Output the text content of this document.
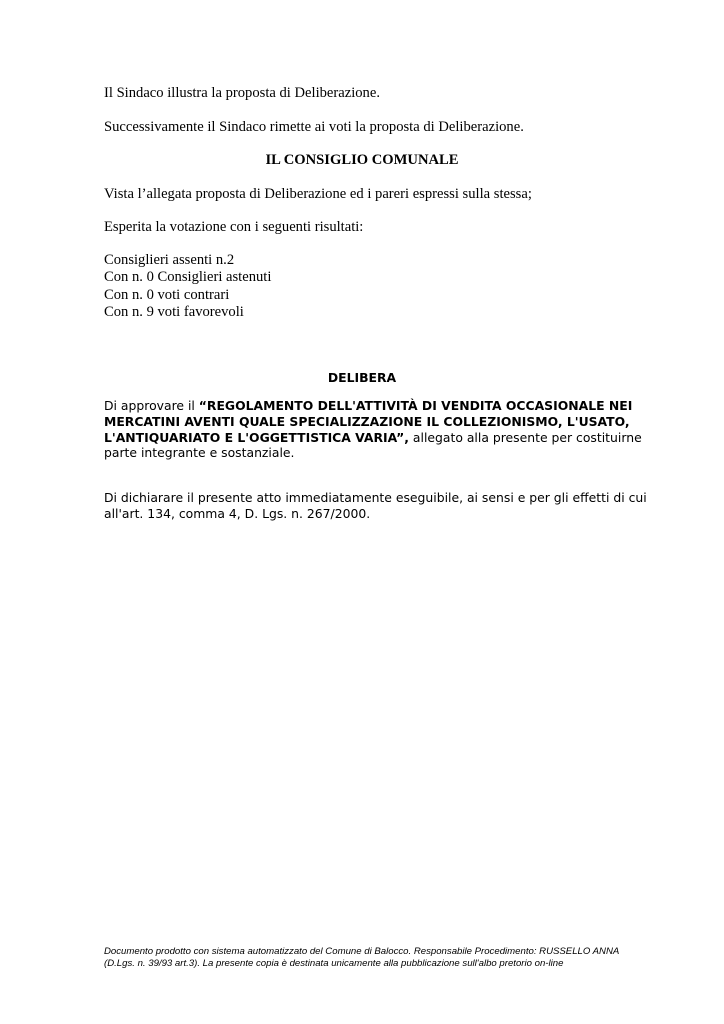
Il Sindaco illustra la proposta di Deliberazione.

Successivamente il Sindaco rimette ai voti la proposta di Deliberazione.

IL CONSIGLIO COMUNALE

Vista l’allegata proposta di Deliberazione ed i pareri espressi sulla stessa;

Esperita la votazione con i seguenti risultati:

Consiglieri assenti n.2
Con n. 0 Consiglieri astenuti
Con n. 0 voti contrari
Con n. 9 voti favorevoli

DELIBERA

Di approvare il “REGOLAMENTO DELL'ATTIVITÀ DI VENDITA OCCASIONALE NEI

MERCATINI AVENTI QUALE SPECIALIZZAZIONE IL COLLEZIONISMO, L'USATO,

L'ANTIQUARIATO E L'OGGETTISTICA VARIA”, allegato alla presente per costituirne

parte integrante e sostanziale.

Di dichiarare il presente atto immediatamente eseguibile, ai sensi e per gli effetti di cui

all'art. 134, comma 4, D. Lgs. n. 267/2000.

Documento prodotto con sistema automatizzato del Comune di Balocco. Responsabile Procedimento: RUSSELLO ANNA
(D.Lgs. n. 39/93 art.3). La presente copia è destinata unicamente alla pubblicazione sull'albo pretorio on-line
